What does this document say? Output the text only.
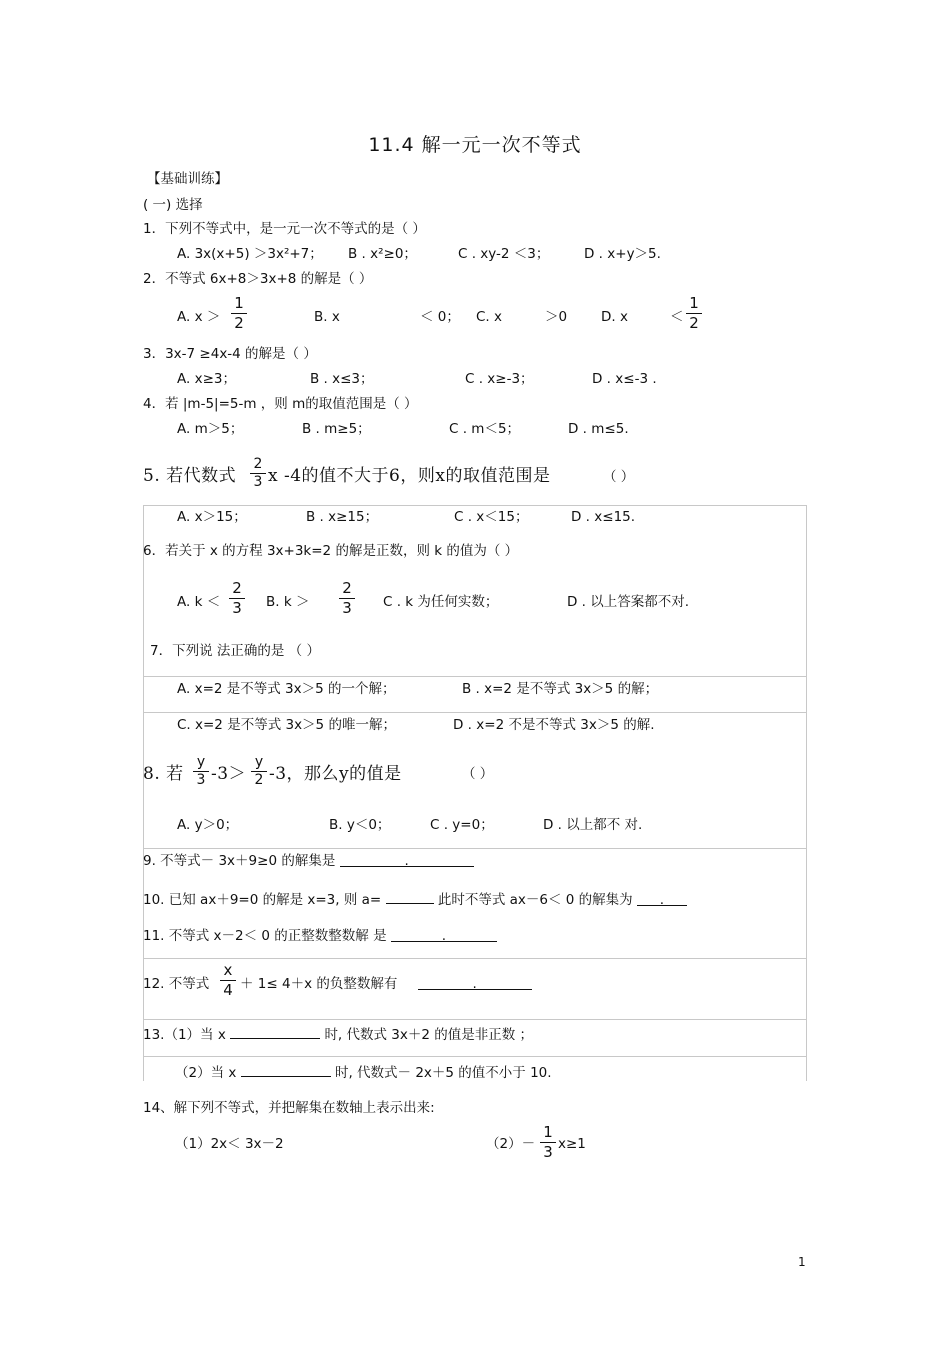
11.4 解一元一次不等式
【基础训练】
( 一) 选择
1．下列不等式中，是一元一次不等式的是（ ）
A. 3x(x+5) ＞3x²+7； B . x²≥0；	C . xy-2 ＜3；	D . x+y＞5.
2．不等式 6x+8＞3x+8 的解是（ ）
A. x ＞
1
2	B. x	＜ 0； C. x	＞0	D. x	＜
1
2
3．3x-7 ≥4x-4 的解是（ ）
A. x≥3；	B . x≤3；	C . x≥-3；	D . x≤-3 .
4．若 |m-5|=5-m ，则 m的取值范围是（ ）
A. m＞5；	B . m≥5；	C . m＜5；	D . m≤5.
5. 若代数式
2
3 x -4的值不大于6，则x的取值范围是	（ ）
A. x＞15；	B . x≥15；	C . x＜15；	D . x≤15.
6．若关于 x 的方程 3x+3k=2 的解是正数，则 k 的值为（ ）
A. k ＜
2
3 B. k ＞
2
3 C . k 为任何实数；	D . 以上答案都不对.
7．下列说 法正确的是 （ ）
A. x=2 是不等式 3x＞5 的一个解；	B . x=2 是不等式 3x＞5 的解；
C. x=2 是不等式 3x＞5 的唯一解；	D . x=2 不是不等式 3x＞5 的解.
8. 若
y
3 -3＞
y
2 -3，那么y的值是	（ ）
A. y＞0；	B. y＜0；	C . y=0；	D . 以上都不 对.
9. 不等式－ 3x＋9≥0 的解集是	.
10. 已知 ax＋9=0 的解是 x=3, 则 a=	此时不等式 ax－6＜ 0 的解集为 .
11. 不等式 x－2＜ 0 的正整数整数解 是	.
12. 不等式
x
4 ＋ 1≤ 4＋x 的负整数解有	.
13.（1）当 x	时, 代数式 3x＋2 的值是非正数 ；
（2）当 x	时, 代数式－ 2x＋5 的值不小于 10.
14、解下列不等式，并把解集在数轴上表示出来:
（1）2x＜ 3x－2	（2）－
1
3 x≥1
1
